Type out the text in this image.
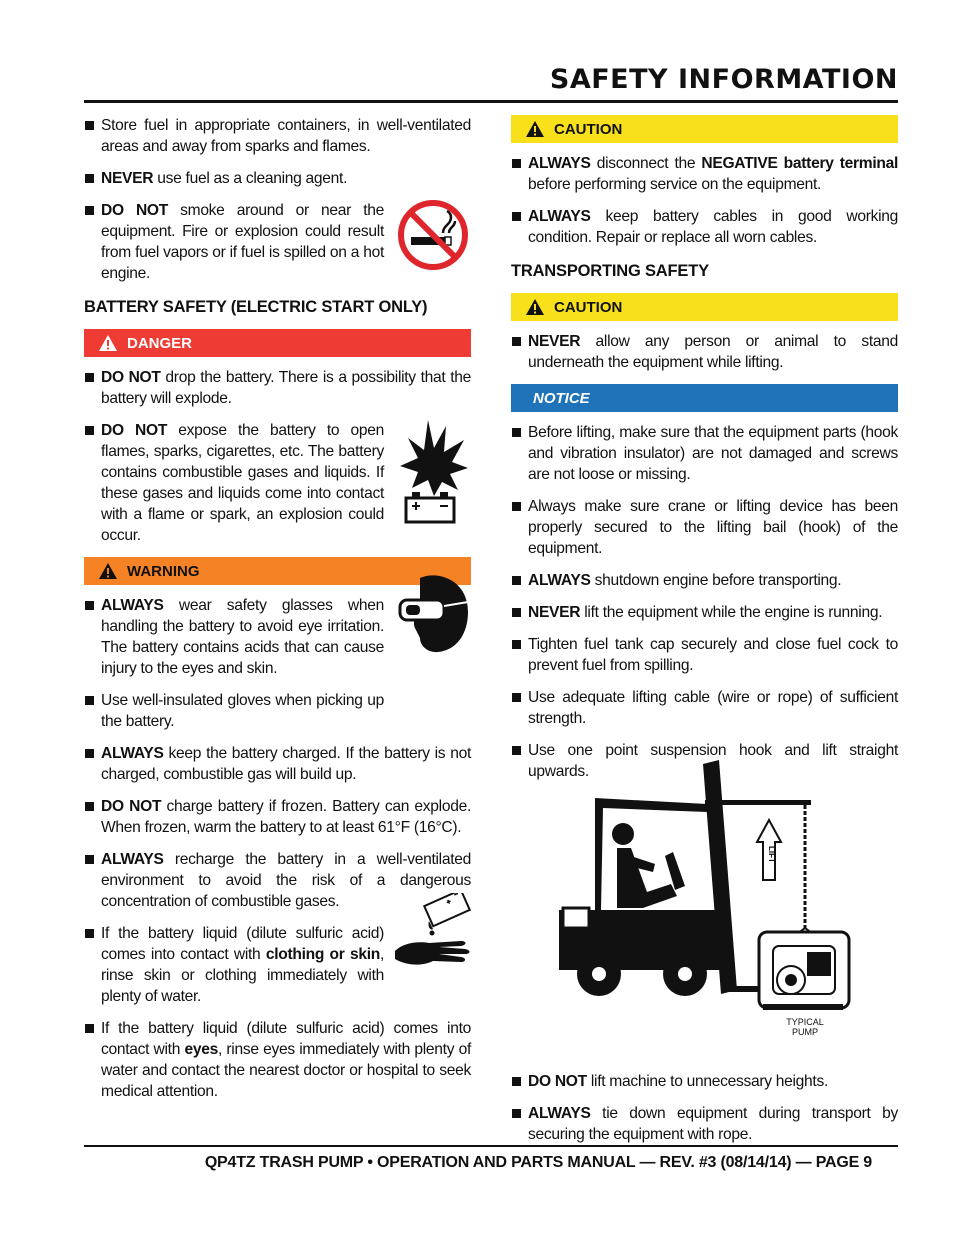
SAFETY INFORMATION
Store fuel in appropriate containers, in well-ventilated areas and away from sparks and flames.
NEVER use fuel as a cleaning agent.
DO NOT smoke around or near the equipment. Fire or explosion could result from fuel vapors or if fuel is spilled on a hot engine.
BATTERY SAFETY (ELECTRIC START ONLY)
DANGER
DO NOT drop the battery. There is a possibility that the battery will explode.
DO NOT expose the battery to open flames, sparks, cigarettes, etc. The battery contains combustible gases and liquids. If these gases and liquids come into contact with a flame or spark, an explosion could occur.
WARNING
ALWAYS wear safety glasses when handling the battery to avoid eye irritation. The battery contains acids that can cause injury to the eyes and skin.
Use well-insulated gloves when picking up the battery.
ALWAYS keep the battery charged. If the battery is not charged, combustible gas will build up.
DO NOT charge battery if frozen. Battery can explode. When frozen, warm the battery to at least 61°F (16°C).
ALWAYS recharge the battery in a well-ventilated environment to avoid the risk of a dangerous concentration of combustible gases.
If the battery liquid (dilute sulfuric acid) comes into contact with clothing or skin, rinse skin or clothing immediately with plenty of water.
If the battery liquid (dilute sulfuric acid) comes into contact with eyes, rinse eyes immediately with plenty of water and contact the nearest doctor or hospital to seek medical attention.
CAUTION
ALWAYS disconnect the NEGATIVE battery terminal before performing service on the equipment.
ALWAYS keep battery cables in good working condition. Repair or replace all worn cables.
TRANSPORTING SAFETY
CAUTION
NEVER allow any person or animal to stand underneath the equipment while lifting.
NOTICE
Before lifting, make sure that the equipment parts (hook and vibration insulator) are not damaged and screws are not loose or missing.
Always make sure crane or lifting device has been properly secured to the lifting bail (hook) of the equipment.
ALWAYS shutdown engine before transporting.
NEVER lift the equipment while the engine is running.
Tighten fuel tank cap securely and close fuel cock to prevent fuel from spilling.
Use adequate lifting cable (wire or rope) of sufficient strength.
Use one point suspension hook and lift straight upwards.
DO NOT lift machine to unnecessary heights.
ALWAYS tie down equipment during transport by securing the equipment with rope.
LIFT
TYPICAL
PUMP
QP4TZ TRASH PUMP • OPERATION AND PARTS MANUAL — REV. #3 (08/14/14) — PAGE 9
